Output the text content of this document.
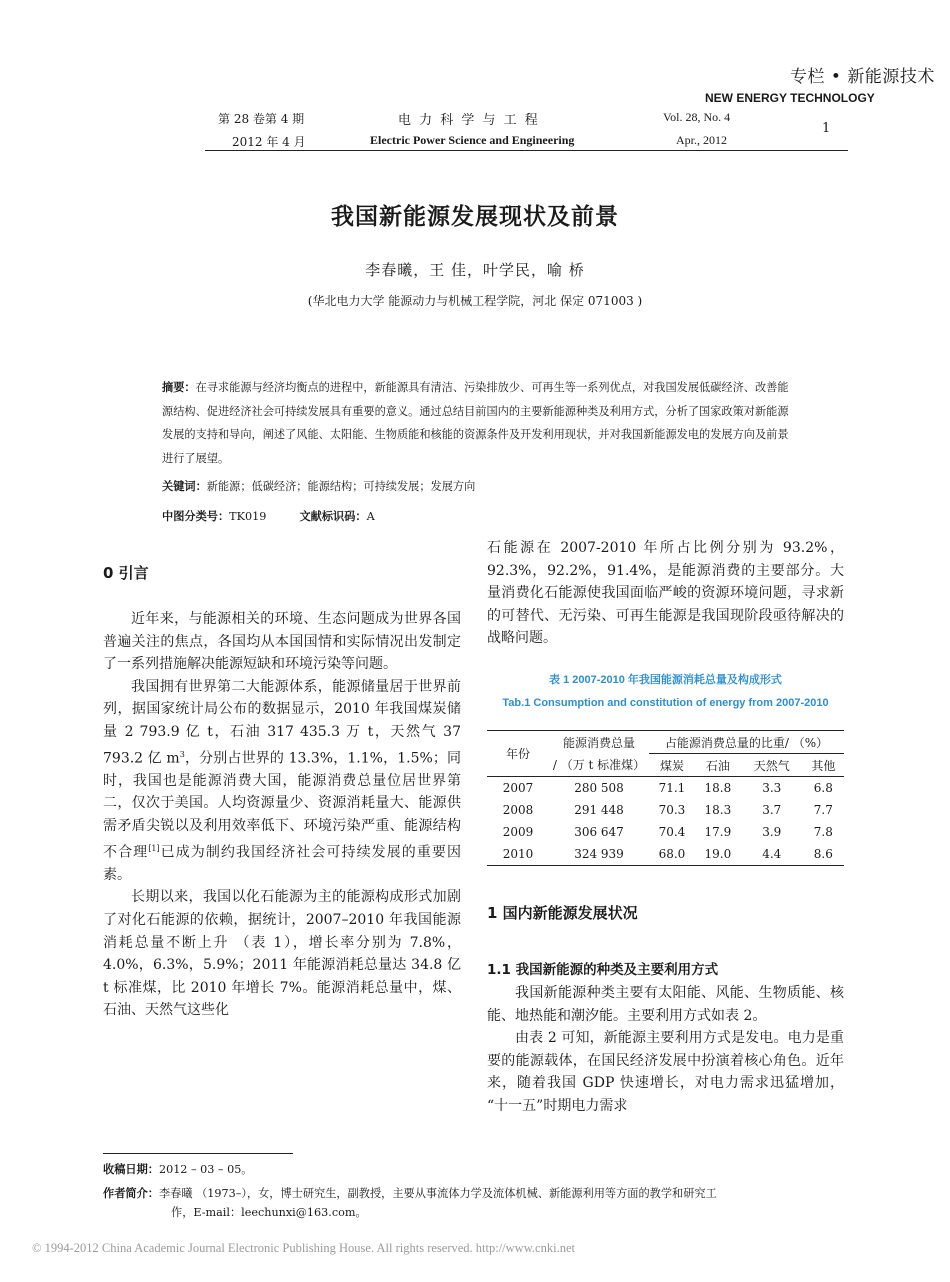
专栏 • 新能源技术
NEW ENERGY TECHNOLOGY
1
第 28 卷第 4 期
2012 年 4 月
电 力 科 学 与 工 程
Electric Power Science and Engineering
Vol. 28, No. 4
Apr., 2012
我国新能源发展现状及前景
李春曦，王 佳，叶学民，喻 桥
(华北电力大学 能源动力与机械工程学院，河北 保定 071003 )
摘要：在寻求能源与经济均衡点的进程中，新能源具有清洁、污染排放少、可再生等一系列优点，对我国发展低碳经济、改善能源结构、促进经济社会可持续发展具有重要的意义。通过总结目前国内的主要新能源种类及利用方式，分析了国家政策对新能源发展的支持和导向，阐述了风能、太阳能、生物质能和核能的资源条件及开发利用现状，并对我国新能源发电的发展方向及前景进行了展望。
关键词：新能源；低碳经济；能源结构；可持续发展；发展方向
中图分类号：TK019	文献标识码：A
0 引言

近年来，与能源相关的环境、生态问题成为世界各国普遍关注的焦点，各国均从本国国情和实际情况出发制定了一系列措施解决能源短缺和环境污染等问题。

我国拥有世界第二大能源体系，能源储量居于世界前列，据国家统计局公布的数据显示，2010 年我国煤炭储量 2 793.9 亿 t，石油 317 435.3 万 t，天然气 37 793.2 亿 $m^3$，分别占世界的 13.3%，1.1%，1.5%；同时，我国也是能源消费大国，能源消费总量位居世界第二，仅次于美国。人均资源量少、资源消耗量大、能源供需矛盾尖锐以及利用效率低下、环境污染严重、能源结构不合理[1]已成为制约我国经济社会可持续发展的重要因素。

长期以来，我国以化石能源为主的能源构成形式加剧了对化石能源的依赖，据统计，2007–2010 年我国能源消耗总量不断上升 （表 1），增长率分别为 7.8%，4.0%，6.3%，5.9%；2011 年能源消耗总量达 34.8 亿 t 标准煤，比 2010 年增长 7%。能源消耗总量中，煤、石油、天然气这些化

石能源在 2007-2010 年所占比例分别为 93.2%，92.3%，92.2%，91.4%，是能源消费的主要部分。大量消费化石能源使我国面临严峻的资源环境问题，寻求新的可替代、无污染、可再生能源是我国现阶段亟待解决的战略问题。

表 1 2007-2010 年我国能源消耗总量及构成形式
Tab.1 Consumption and constitution of energy from 2007-2010
年份	能源消费总量	占能源消费总量的比重/ （%）			
	/ （万 t 标准煤）	煤炭	石油	天然气	其他
2007	280 508	71.1	18.8	3.3	6.8
2008	291 448	70.3	18.3	3.7	7.7
2009	306 647	70.4	17.9	3.9	7.8
2010	324 939	68.0	19.0	4.4	8.6
1 国内新能源发展状况
1.1 我国新能源的种类及主要利用方式

我国新能源种类主要有太阳能、风能、生物质能、核能、地热能和潮汐能。主要利用方式如表 2。

由表 2 可知，新能源主要利用方式是发电。电力是重要的能源载体，在国民经济发展中扮演着核心角色。近年来，随着我国 GDP 快速增长，对电力需求迅猛增加， “十一五”时期电力需求

收稿日期：2012 – 03 – 05。
作者简介：李春曦 （1973–），女，博士研究生，副教授，主要从事流体力学及流体机械、新能源利用等方面的教学和研究工
作，E-mail：leechunxi@163.com。
© 1994-2012 China Academic Journal Electronic Publishing House. All rights reserved. http://www.cnki.net
